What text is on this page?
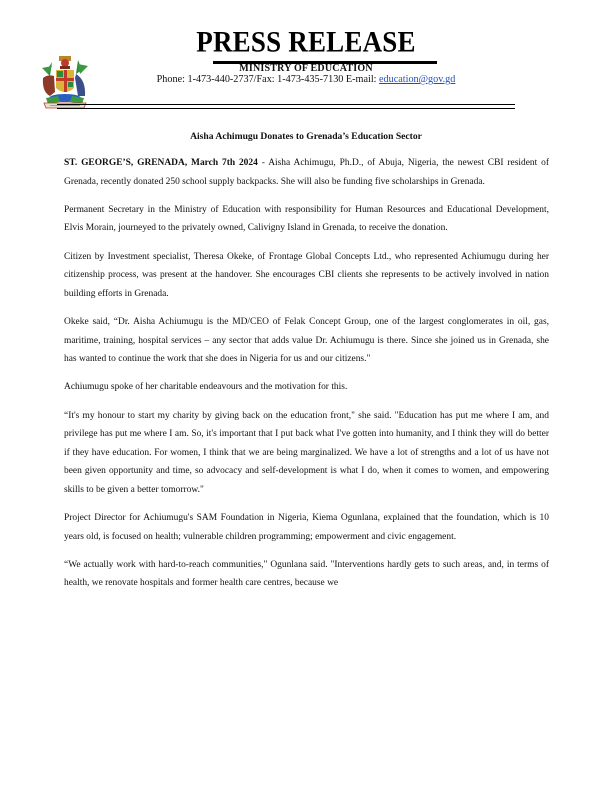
PRESS RELEASE
MINISTRY OF EDUCATION
Phone: 1-473-440-2737/Fax: 1-473-435-7130 E-mail: education@gov.gd
Aisha Achimugu Donates to Grenada’s Education Sector

ST. GEORGE’S, GRENADA, March 7th 2024 - Aisha Achimugu, Ph.D., of Abuja, Nigeria, the newest CBI resident of Grenada, recently donated 250 school supply backpacks. She will also be funding five scholarships in Grenada.

Permanent Secretary in the Ministry of Education with responsibility for Human Resources and Educational Development, Elvis Morain, journeyed to the privately owned, Calivigny Island in Grenada, to receive the donation.

Citizen by Investment specialist, Theresa Okeke, of Frontage Global Concepts Ltd., who represented Achiumugu during her citizenship process, was present at the handover. She encourages CBI clients she represents to be actively involved in nation building efforts in Grenada.

Okeke said, “Dr. Aisha Achiumugu is the MD/CEO of Felak Concept Group, one of the largest conglomerates in oil, gas, maritime, training, hospital services – any sector that adds value Dr. Achiumugu is there. Since she joined us in Grenada, she has wanted to continue the work that she does in Nigeria for us and our citizens."

Achiumugu spoke of her charitable endeavours and the motivation for this.

“It's my honour to start my charity by giving back on the education front," she said. "Education has put me where I am, and privilege has put me where I am. So, it's important that I put back what I've gotten into humanity, and I think they will do better if they have education. For women, I think that we are being marginalized. We have a lot of strengths and a lot of us have not been given opportunity and time, so advocacy and self-development is what I do, when it comes to women, and empowering skills to be given a better tomorrow."

Project Director for Achiumugu's SAM Foundation in Nigeria, Kiema Ogunlana, explained that the foundation, which is 10 years old, is focused on health; vulnerable children programming; empowerment and civic engagement.

“We actually work with hard-to-reach communities," Ogunlana said. "Interventions hardly gets to such areas, and, in terms of health, we renovate hospitals and former health care centres, because we
